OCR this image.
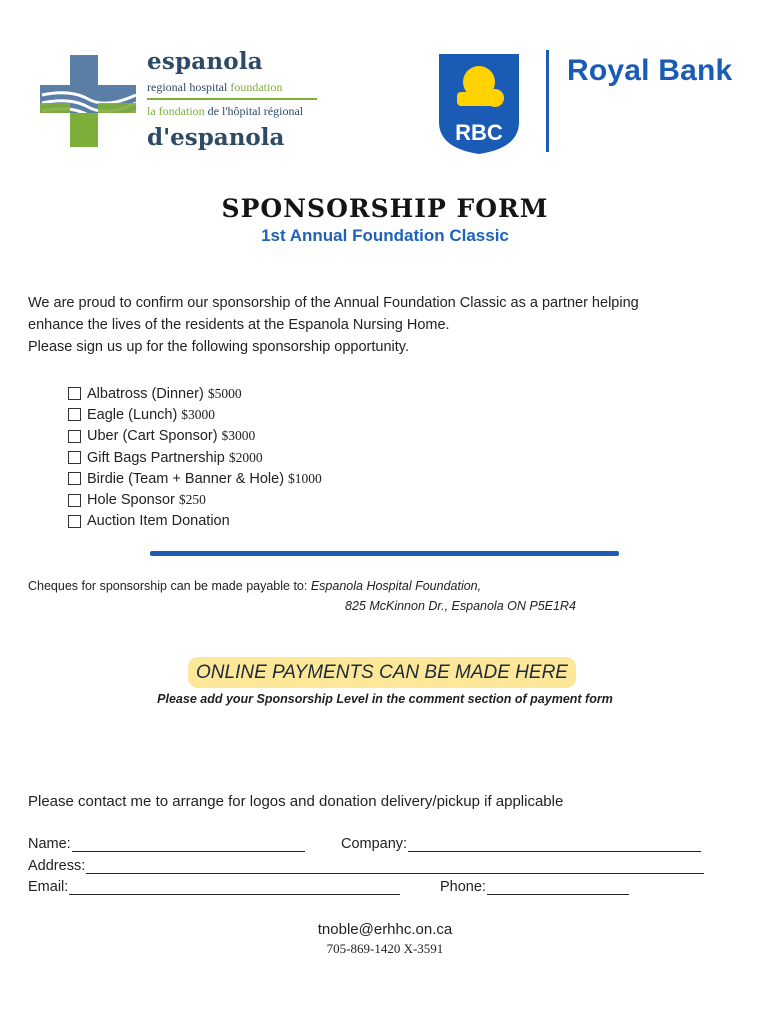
espanola
regional hospital foundation
la fondation de l'hôpital régional
d'espanola	RBC
Royal Bank
SPONSORSHIP FORM
1st Annual Foundation Classic
We are proud to confirm our sponsorship of the Annual Foundation Classic as a partner helping
enhance the lives of the residents at the Espanola Nursing Home.
Please sign us up for the following sponsorship opportunity.
Albatross (Dinner) $5000
Eagle (Lunch) $3000
Uber (Cart Sponsor) $3000
Gift Bags Partnership $2000
Birdie (Team + Banner & Hole) $1000
Hole Sponsor $250
Auction Item Donation
Cheques for sponsorship can be made payable to: Espanola Hospital Foundation,
825 McKinnon Dr., Espanola ON P5E1R4
ONLINE PAYMENTS CAN BE MADE HERE
Please add your Sponsorship Level in the comment section of payment form
Please contact me to arrange for logos and donation delivery/pickup if applicable
Name:	Company:
Address:
Email:	Phone:
tnoble@erhhc.on.ca
705-869-1420 X-3591
